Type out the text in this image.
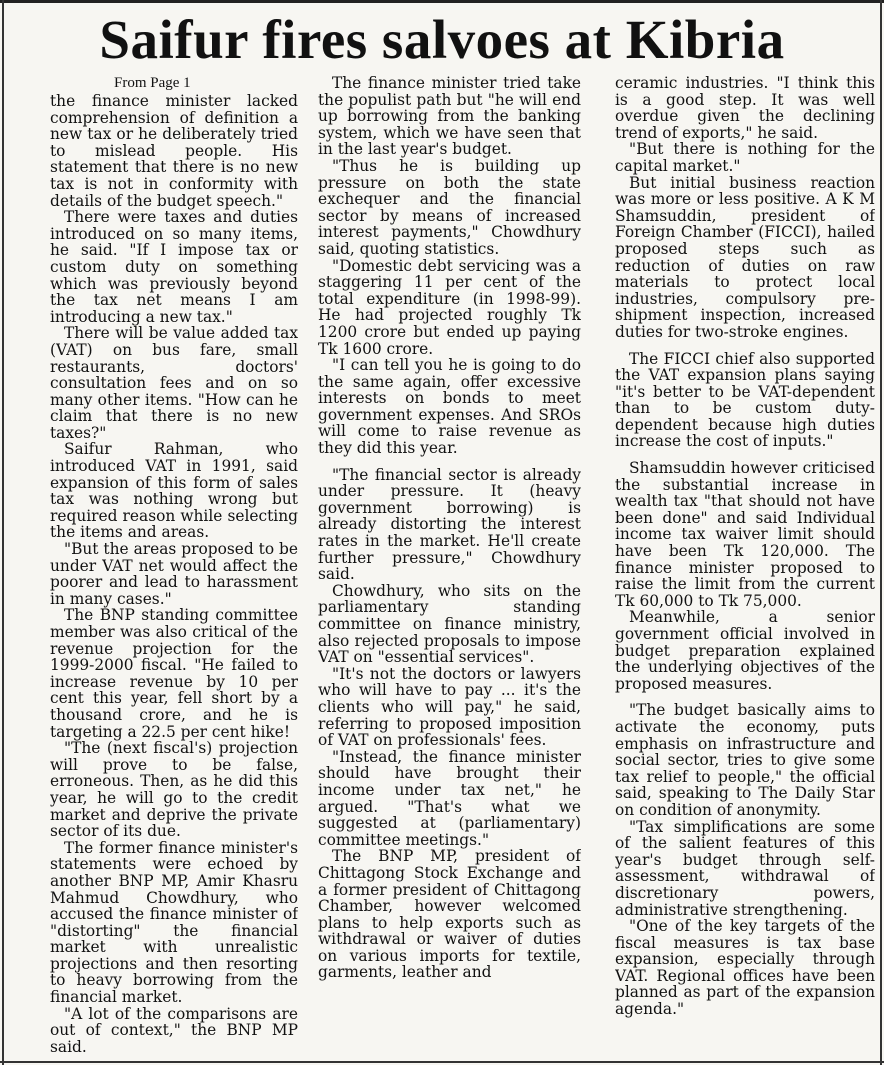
Saifur fires salvoes at Kibria
From Page 1

the finance minister lacked comprehension of definition a new tax or he deliberately tried to mislead people. His statement that there is no new tax is not in conformity with details of the budget speech."

There were taxes and duties introduced on so many items, he said. "If I impose tax or custom duty on something which was previously beyond the tax net means I am introducing a new tax."

There will be value added tax (VAT) on bus fare, small restaurants, doctors' consultation fees and on so many other items. "How can he claim that there is no new taxes?"

Saifur Rahman, who introduced VAT in 1991, said expansion of this form of sales tax was nothing wrong but required reason while selecting the items and areas.

"But the areas proposed to be under VAT net would affect the poorer and lead to harassment in many cases."

The BNP standing committee member was also critical of the revenue projection for the 1999-2000 fiscal. "He failed to increase revenue by 10 per cent this year, fell short by a thousand crore, and he is targeting a 22.5 per cent hike!

"The (next fiscal's) projection will prove to be false, erroneous. Then, as he did this year, he will go to the credit market and deprive the private sector of its due.

The former finance minister's statements were echoed by another BNP MP, Amir Khasru Mahmud Chowdhury, who accused the finance minister of "distorting" the financial market with unrealistic projections and then resorting to heavy borrowing from the financial market.

"A lot of the comparisons are out of context," the BNP MP said.

The finance minister tried take the populist path but "he will end up borrowing from the banking system, which we have seen that in the last year's budget.

"Thus he is building up pressure on both the state exchequer and the financial sector by means of increased interest payments," Chowdhury said, quoting statistics.

"Domestic debt servicing was a staggering 11 per cent of the total expenditure (in 1998-99). He had projected roughly Tk 1200 crore but ended up paying Tk 1600 crore.

"I can tell you he is going to do the same again, offer excessive interests on bonds to meet government expenses. And SROs will come to raise revenue as they did this year.

"The financial sector is already under pressure. It (heavy government borrowing) is already distorting the interest rates in the market. He'll create further pressure," Chowdhury said.

Chowdhury, who sits on the parliamentary standing committee on finance ministry, also rejected proposals to impose VAT on "essential services".

"It's not the doctors or lawyers who will have to pay ... it's the clients who will pay," he said, referring to proposed imposition of VAT on professionals' fees.

"Instead, the finance minister should have brought their income under tax net," he argued. "That's what we suggested at (parliamentary) committee meetings."

The BNP MP, president of Chittagong Stock Exchange and a former president of Chittagong Chamber, however welcomed plans to help exports such as withdrawal or waiver of duties on various imports for textile, garments, leather and

ceramic industries. "I think this is a good step. It was well overdue given the declining trend of exports," he said.

"But there is nothing for the capital market."

But initial business reaction was more or less positive. A K M Shamsuddin, president of Foreign Chamber (FICCI), hailed proposed steps such as reduction of duties on raw materials to protect local industries, compulsory pre-shipment inspection, increased duties for two-stroke engines.

The FICCI chief also supported the VAT expansion plans saying "it's better to be VAT-dependent than to be custom duty-dependent because high duties increase the cost of inputs."

Shamsuddin however criticised the substantial increase in wealth tax "that should not have been done" and said Individual income tax waiver limit should have been Tk 120,000. The finance minister proposed to raise the limit from the current Tk 60,000 to Tk 75,000.

Meanwhile, a senior government official involved in budget preparation explained the underlying objectives of the proposed measures.

"The budget basically aims to activate the economy, puts emphasis on infrastructure and social sector, tries to give some tax relief to people," the official said, speaking to The Daily Star on condition of anonymity.

"Tax simplifications are some of the salient features of this year's budget through self-assessment, withdrawal of discretionary powers, administrative strengthening.

"One of the key targets of the fiscal measures is tax base expansion, especially through VAT. Regional offices have been planned as part of the expansion agenda."
